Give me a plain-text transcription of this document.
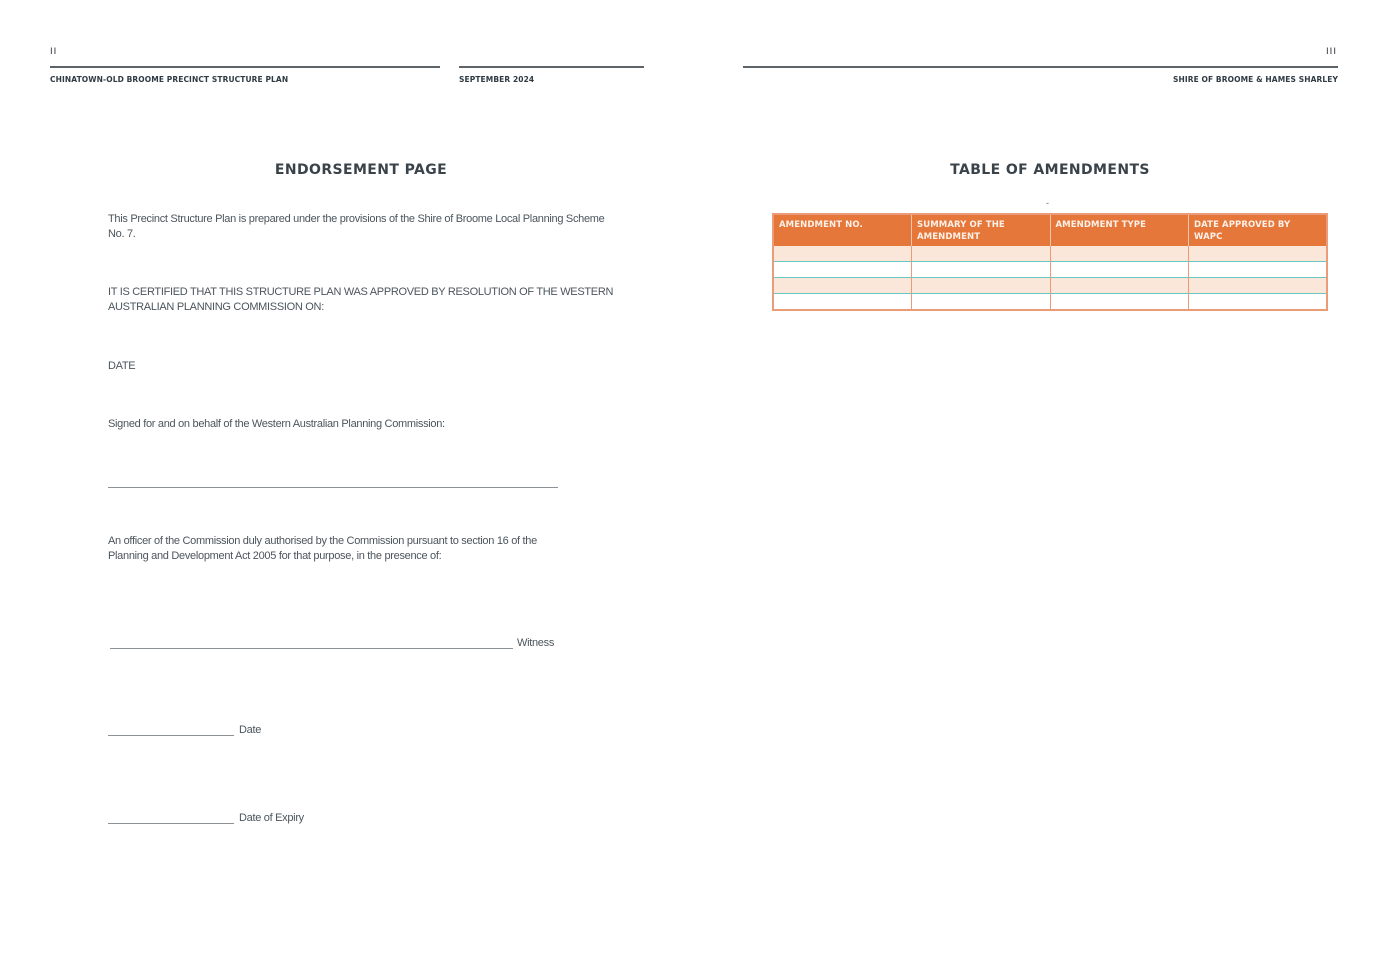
II
CHINATOWN-OLD BROOME PRECINCT STRUCTURE PLAN	SEPTEMBER 2024
ENDORSEMENT PAGE
This Precinct Structure Plan is prepared under the provisions of the Shire of Broome Local Planning Scheme No. 7.
IT IS CERTIFIED THAT THIS STRUCTURE PLAN WAS APPROVED BY RESOLUTION OF THE WESTERN AUSTRALIAN PLANNING COMMISSION ON:
DATE
Signed for and on behalf of the Western Australian Planning Commission:
An officer of the Commission duly authorised by the Commission pursuant to section 16 of the Planning and Development Act 2005 for that purpose, in the presence of:
Witness
Date
Date of Expiry
III
SHIRE OF BROOME & HAMES SHARLEY
TABLE OF AMENDMENTS
-
AMENDMENT NO.	SUMMARY OF THE AMENDMENT	AMENDMENT TYPE	DATE APPROVED BY WAPC
